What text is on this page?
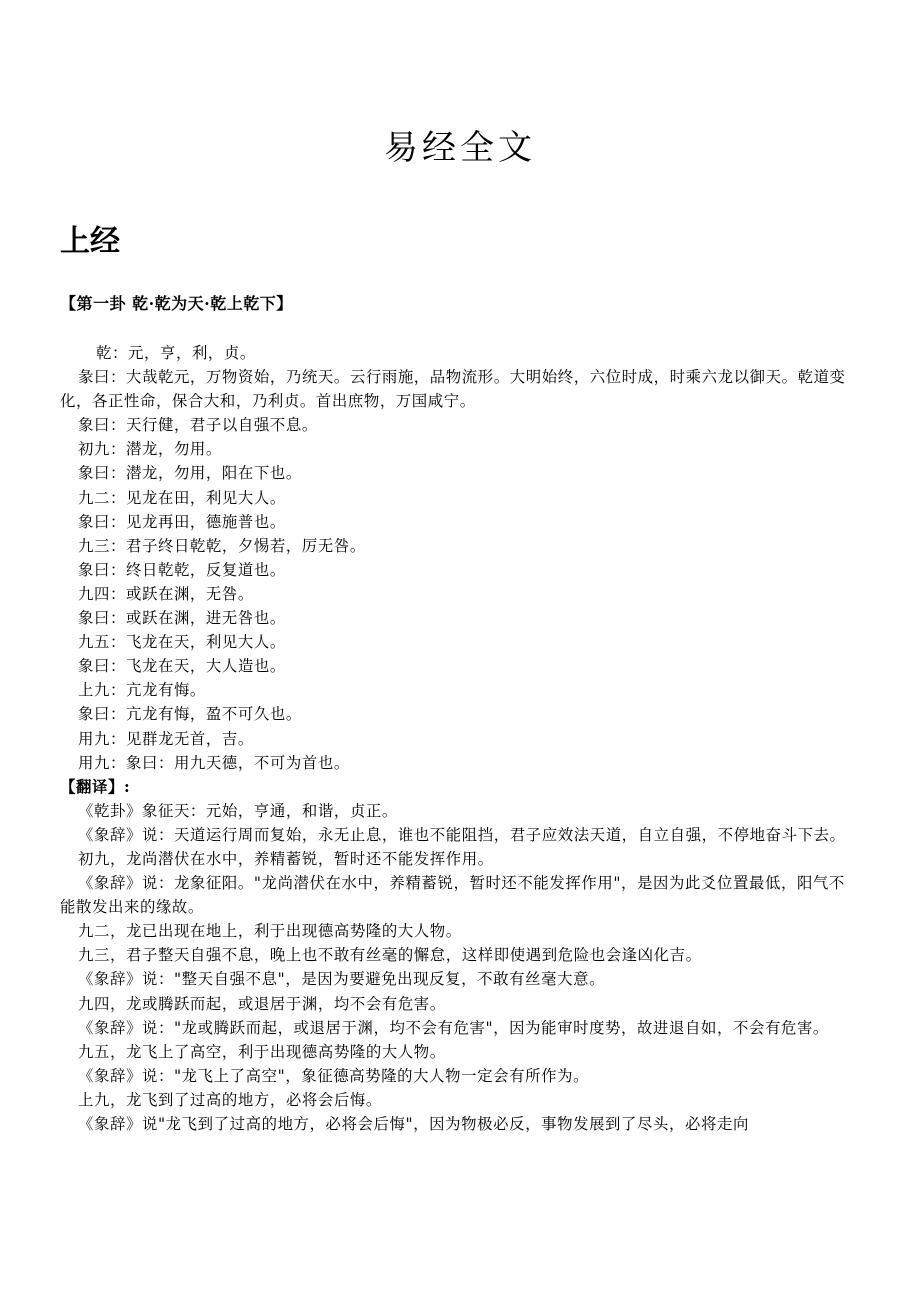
易经全文
上经
【第一卦 乾·乾为天·乾上乾下】

乾：元，亨，利，贞。

彖曰：大哉乾元，万物资始，乃统天。云行雨施，品物流形。大明始终，六位时成，时乘六龙以御天。乾道变化，各正性命，保合大和，乃利贞。首出庶物，万国咸宁。

象曰：天行健，君子以自强不息。

初九：潜龙，勿用。

象曰：潜龙，勿用，阳在下也。

九二：见龙在田，利见大人。

象曰：见龙再田，德施普也。

九三：君子终日乾乾，夕惕若，厉无咎。

象曰：终日乾乾，反复道也。

九四：或跃在渊，无咎。

象曰：或跃在渊，进无咎也。

九五：飞龙在天，利见大人。

象曰：飞龙在天，大人造也。

上九：亢龙有悔。

象曰：亢龙有悔，盈不可久也。

用九：见群龙无首，吉。

用九：象曰：用九天德，不可为首也。

【翻译】:

《乾卦》象征天：元始，亨通，和谐，贞正。

《象辞》说：天道运行周而复始，永无止息，谁也不能阻挡，君子应效法天道，自立自强，不停地奋斗下去。

初九，龙尚潜伏在水中，养精蓄锐，暂时还不能发挥作用。

《象辞》说：龙象征阳。"龙尚潜伏在水中，养精蓄锐，暂时还不能发挥作用"，是因为此爻位置最低，阳气不能散发出来的缘故。

九二，龙已出现在地上，利于出现德高势隆的大人物。

九三，君子整天自强不息，晚上也不敢有丝毫的懈怠，这样即使遇到危险也会逢凶化吉。

《象辞》说："整天自强不息"，是因为要避免出现反复，不敢有丝毫大意。

九四，龙或腾跃而起，或退居于渊，均不会有危害。

《象辞》说："龙或腾跃而起，或退居于渊，均不会有危害"，因为能审时度势，故进退自如，不会有危害。

九五，龙飞上了高空，利于出现德高势隆的大人物。

《象辞》说："龙飞上了高空"，象征德高势隆的大人物一定会有所作为。

上九，龙飞到了过高的地方，必将会后悔。

《象辞》说"龙飞到了过高的地方，必将会后悔"，因为物极必反，事物发展到了尽头，必将走向
